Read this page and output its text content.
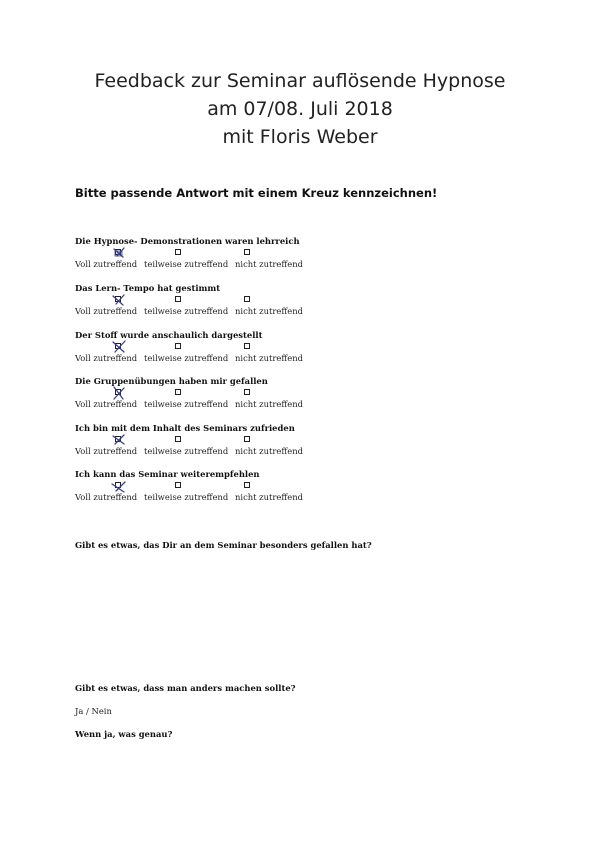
Feedback zur Seminar auflösende Hypnose
am 07/08. Juli 2018
mit Floris Weber
Bitte passende Antwort mit einem Kreuz kennzeichnen!
Die Hypnose- Demonstrationen waren lehrreich
Voll zutreffend teilweise zutreffend nicht zutreffend
Das Lern- Tempo hat gestimmt
Voll zutreffend teilweise zutreffend nicht zutreffend
Der Stoff wurde anschaulich dargestellt
Voll zutreffend teilweise zutreffend nicht zutreffend
Die Gruppenübungen haben mir gefallen
Voll zutreffend teilweise zutreffend nicht zutreffend
Ich bin mit dem Inhalt des Seminars zufrieden
Voll zutreffend teilweise zutreffend nicht zutreffend
Ich kann das Seminar weiterempfehlen
Voll zutreffend teilweise zutreffend nicht zutreffend
Gibt es etwas, das Dir an dem Seminar besonders gefallen hat?
Gibt es etwas, dass man anders machen sollte?
Ja / Nein
Wenn ja, was genau?
